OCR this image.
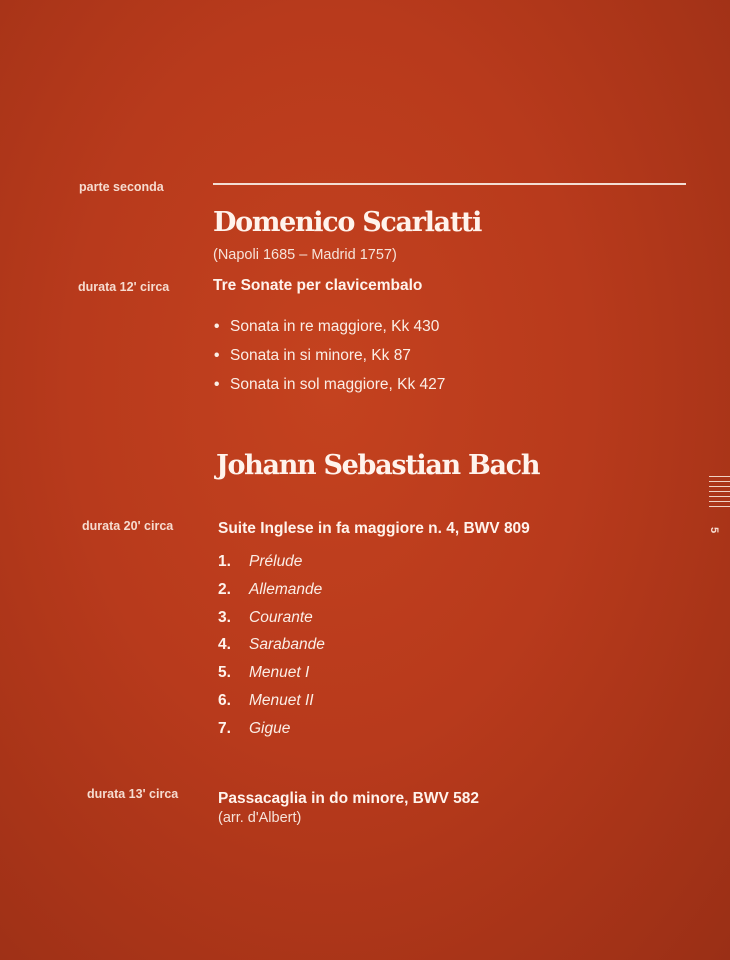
parte seconda
Domenico Scarlatti
(Napoli 1685 – Madrid 1757)
durata 12' circa	Tre Sonate per clavicembalo
• Sonata in re maggiore, Kk 430
• Sonata in si minore, Kk 87
• Sonata in sol maggiore, Kk 427
Johann Sebastian Bach
durata 20' circa	Suite Inglese in fa maggiore n. 4, BWV 809
1. Prélude
2. Allemande
3. Courante
4. Sarabande
5. Menuet I
6. Menuet II
7. Gigue
durata 13' circa	Passacaglia in do minore, BWV 582
(arr. d'Albert)
5
